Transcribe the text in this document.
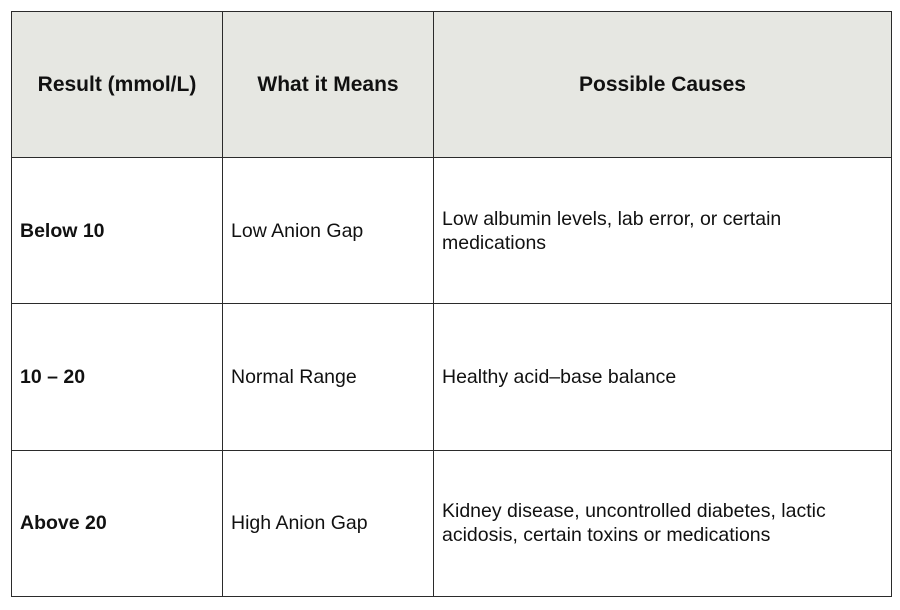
Result (mmol/L)	What it Means	Possible Causes
Below 10	Low Anion Gap	Low albumin levels, lab error, or certain medications
10 – 20	Normal Range	Healthy acid–base balance
Above 20	High Anion Gap	Kidney disease, uncontrolled diabetes, lactic acidosis, certain toxins or medications
